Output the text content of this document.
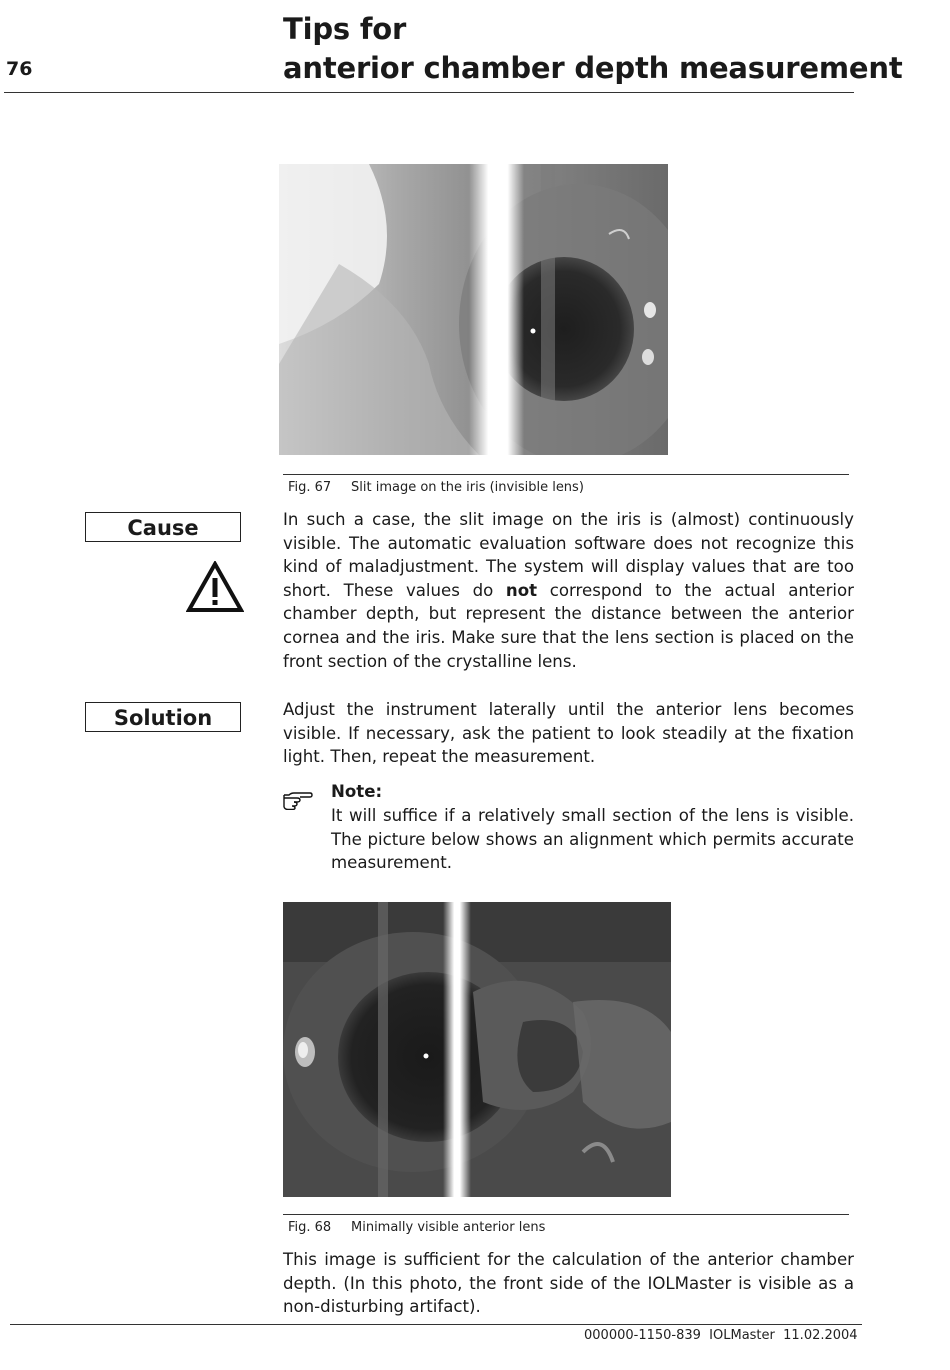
76
Tips for
anterior chamber depth measurement
Fig. 67 Slit image on the iris (invisible lens)
Cause	In such a case, the slit image on the iris is (almost) continuously visible. The automatic evaluation software does not recognize this kind of maladjustment. The system will display values that are too short. These values do not correspond to the actual anterior chamber depth, but represent the distance between the anterior cornea and the iris. Make sure that the lens section is placed on the front section of the crystalline lens.
Solution	Adjust the instrument laterally until the anterior lens becomes visible. If necessary, ask the patient to look steadily at the fixation light. Then, repeat the measurement.
Note:
It will suffice if a relatively small section of the lens is visible. The picture below shows an alignment which permits accurate measurement.
Fig. 68 Minimally visible anterior lens
This image is sufficient for the calculation of the anterior chamber depth. (In this photo, the front side of the IOLMaster is visible as a non-disturbing artifact).
000000-1150-839  IOLMaster  11.02.2004
